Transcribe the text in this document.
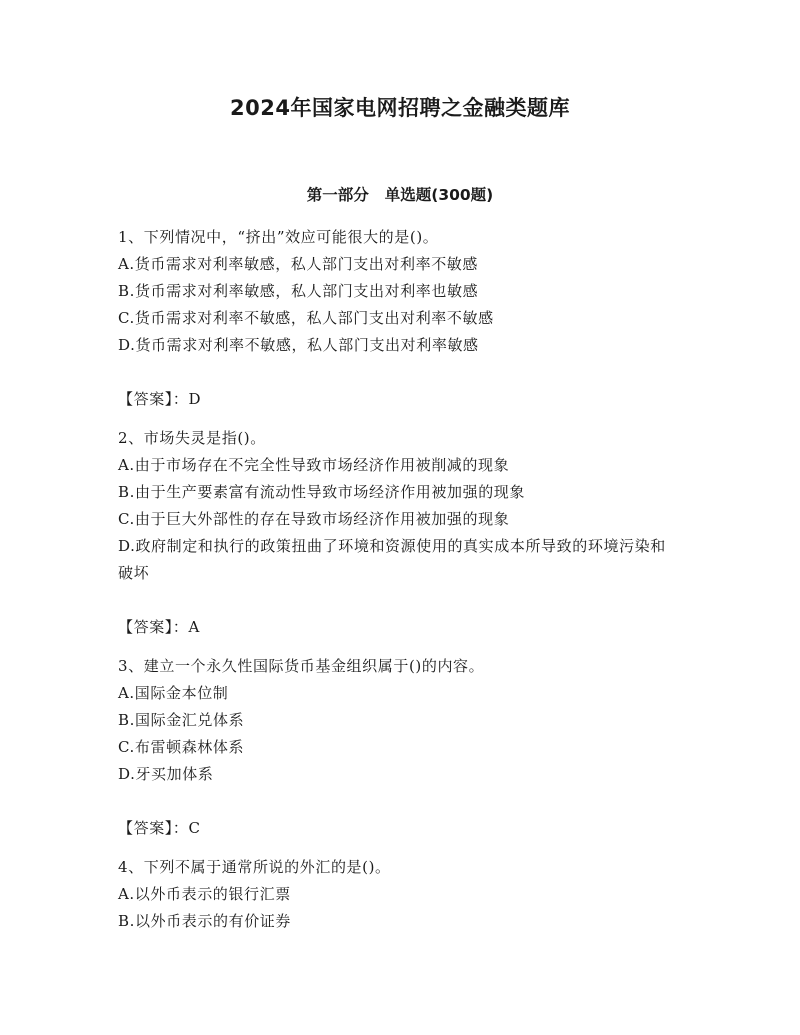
2024年国家电网招聘之金融类题库
第一部分 单选题(300题)
1、下列情况中，“挤出”效应可能很大的是()。
A.货币需求对利率敏感，私人部门支出对利率不敏感
B.货币需求对利率敏感，私人部门支出对利率也敏感
C.货币需求对利率不敏感，私人部门支出对利率不敏感
D.货币需求对利率不敏感，私人部门支出对利率敏感
【答案】：D
2、市场失灵是指()。
A.由于市场存在不完全性导致市场经济作用被削减的现象
B.由于生产要素富有流动性导致市场经济作用被加强的现象
C.由于巨大外部性的存在导致市场经济作用被加强的现象
D.政府制定和执行的政策扭曲了环境和资源使用的真实成本所导致的环境污染和破坏
【答案】：A
3、建立一个永久性国际货币基金组织属于()的内容。
A.国际金本位制
B.国际金汇兑体系
C.布雷顿森林体系
D.牙买加体系
【答案】：C
4、下列不属于通常所说的外汇的是()。
A.以外币表示的银行汇票
B.以外币表示的有价证券
